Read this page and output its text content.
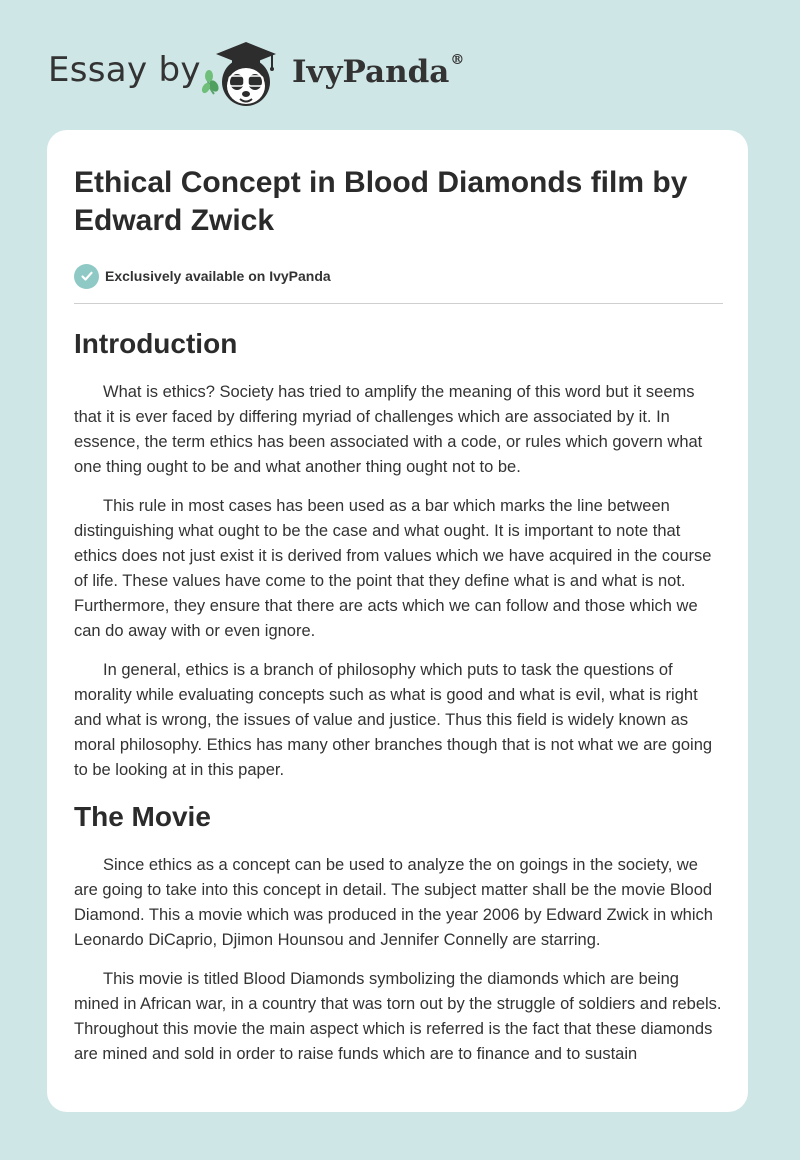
Essay by	IvyPanda®
Ethical Concept in Blood Diamonds film by Edward Zwick
Exclusively available on IvyPanda
Introduction

What is ethics? Society has tried to amplify the meaning of this word but it seems that it is ever faced by differing myriad of challenges which are associated by it. In essence, the term ethics has been associated with a code, or rules which govern what one thing ought to be and what another thing ought not to be.

This rule in most cases has been used as a bar which marks the line between distinguishing what ought to be the case and what ought. It is important to note that ethics does not just exist it is derived from values which we have acquired in the course of life. These values have come to the point that they define what is and what is not. Furthermore, they ensure that there are acts which we can follow and those which we can do away with or even ignore.

In general, ethics is a branch of philosophy which puts to task the questions of morality while evaluating concepts such as what is good and what is evil, what is right and what is wrong, the issues of value and justice. Thus this field is widely known as moral philosophy. Ethics has many other branches though that is not what we are going to be looking at in this paper.

The Movie

Since ethics as a concept can be used to analyze the on goings in the society, we are going to take into this concept in detail. The subject matter shall be the movie Blood Diamond. This a movie which was produced in the year 2006 by Edward Zwick in which Leonardo DiCaprio, Djimon Hounsou and Jennifer Connelly are starring.

This movie is titled Blood Diamonds symbolizing the diamonds which are being mined in African war, in a country that was torn out by the struggle of soldiers and rebels. Throughout this movie the main aspect which is referred is the fact that these diamonds are mined and sold in order to raise funds which are to finance and to sustain
